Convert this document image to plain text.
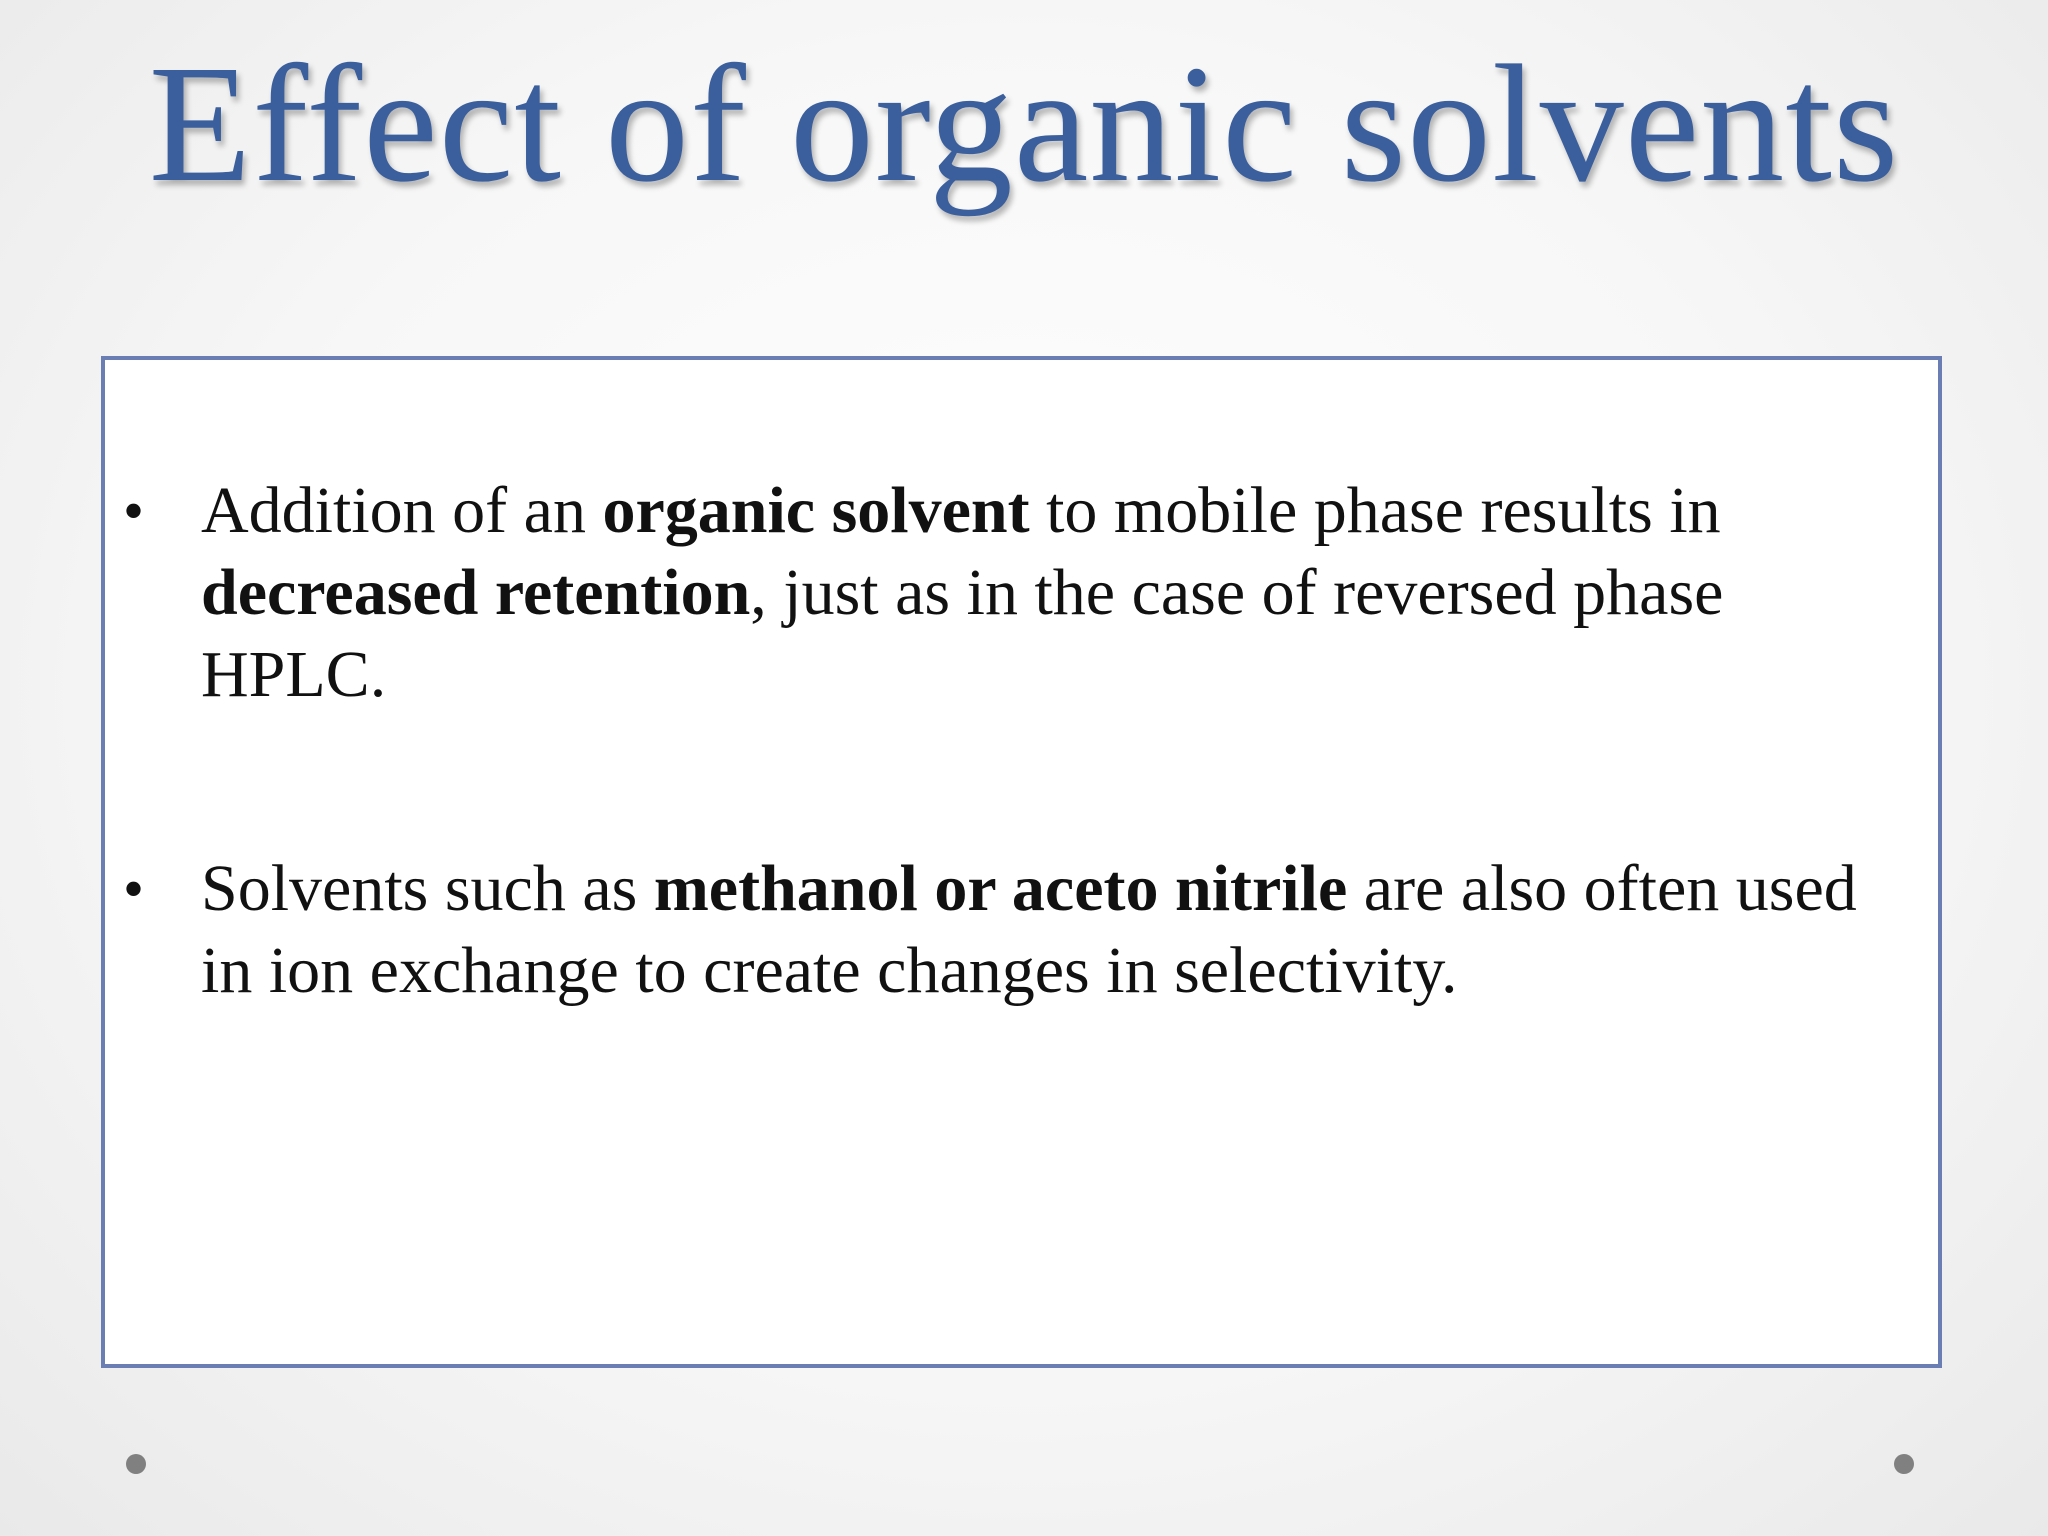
Effect of organic solvents
• Addition of an organic solvent to mobile phase results in decreased retention, just as in the case of reversed phase HPLC.
• Solvents such as methanol or aceto nitrile are also often used in ion exchange to create changes in selectivity.
